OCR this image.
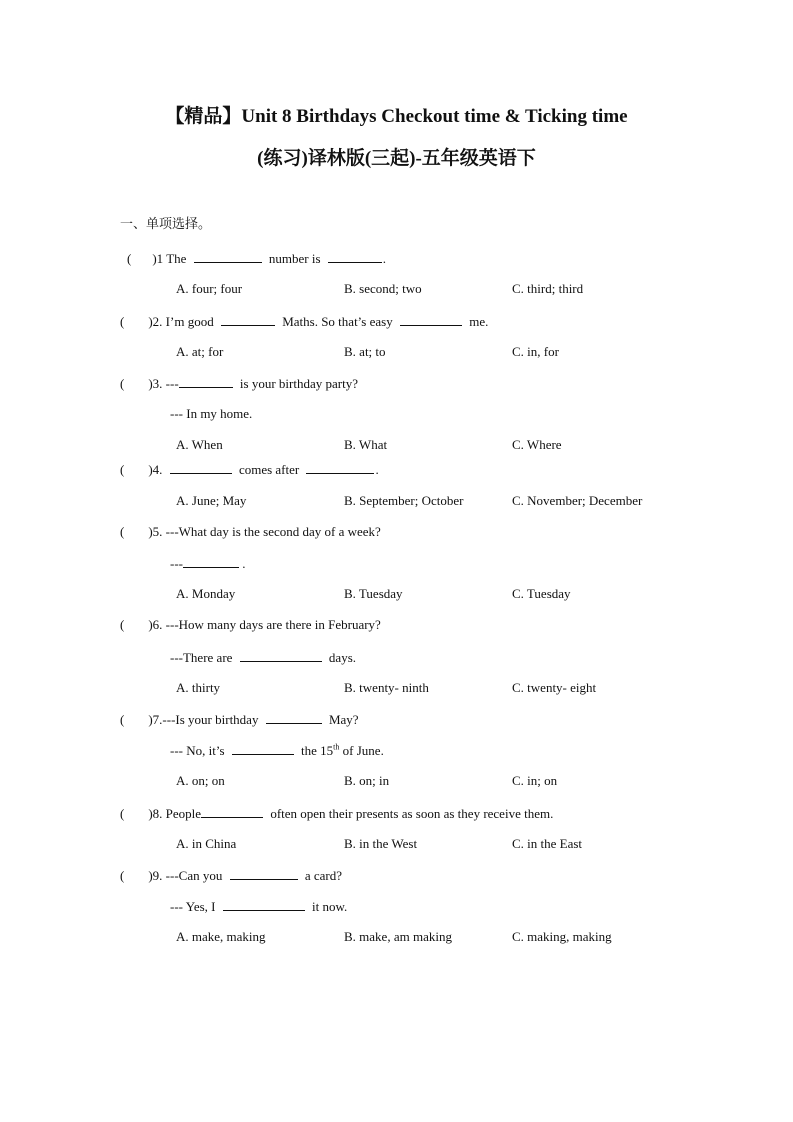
【精品】Unit 8 Birthdays Checkout time & Ticking time
(练习)译林版(三起)-五年级英语下
一、单项选择。
( )1 The	number is	.
A. four; four	B. second; two	C. third; third
( )2. I’m good	Maths. So that’s easy	me.
A. at; for	B. at; to	C. in, for
( )3. ---	is your birthday party?
--- In my home.
A. When	B. What	C. Where
( )4.	comes after	.
A. June; May	B. September; October	C. November; December
( )5. ---What day is the second day of a week?
---	.
A. Monday	B. Tuesday	C. Tuesday
( )6. ---How many days are there in February?
---There are	days.
A. thirty	B. twenty- ninth	C. twenty- eight
( )7.---Is your birthday	May?
--- No, it’s	the 15th of June.
A. on; on	B. on; in	C. in; on
( )8. People	often open their presents as soon as they receive them.
A. in China	B. in the West	C. in the East
( )9. ---Can you	a card?
--- Yes, I	it now.
A. make, making	B. make, am making	C. making, making
